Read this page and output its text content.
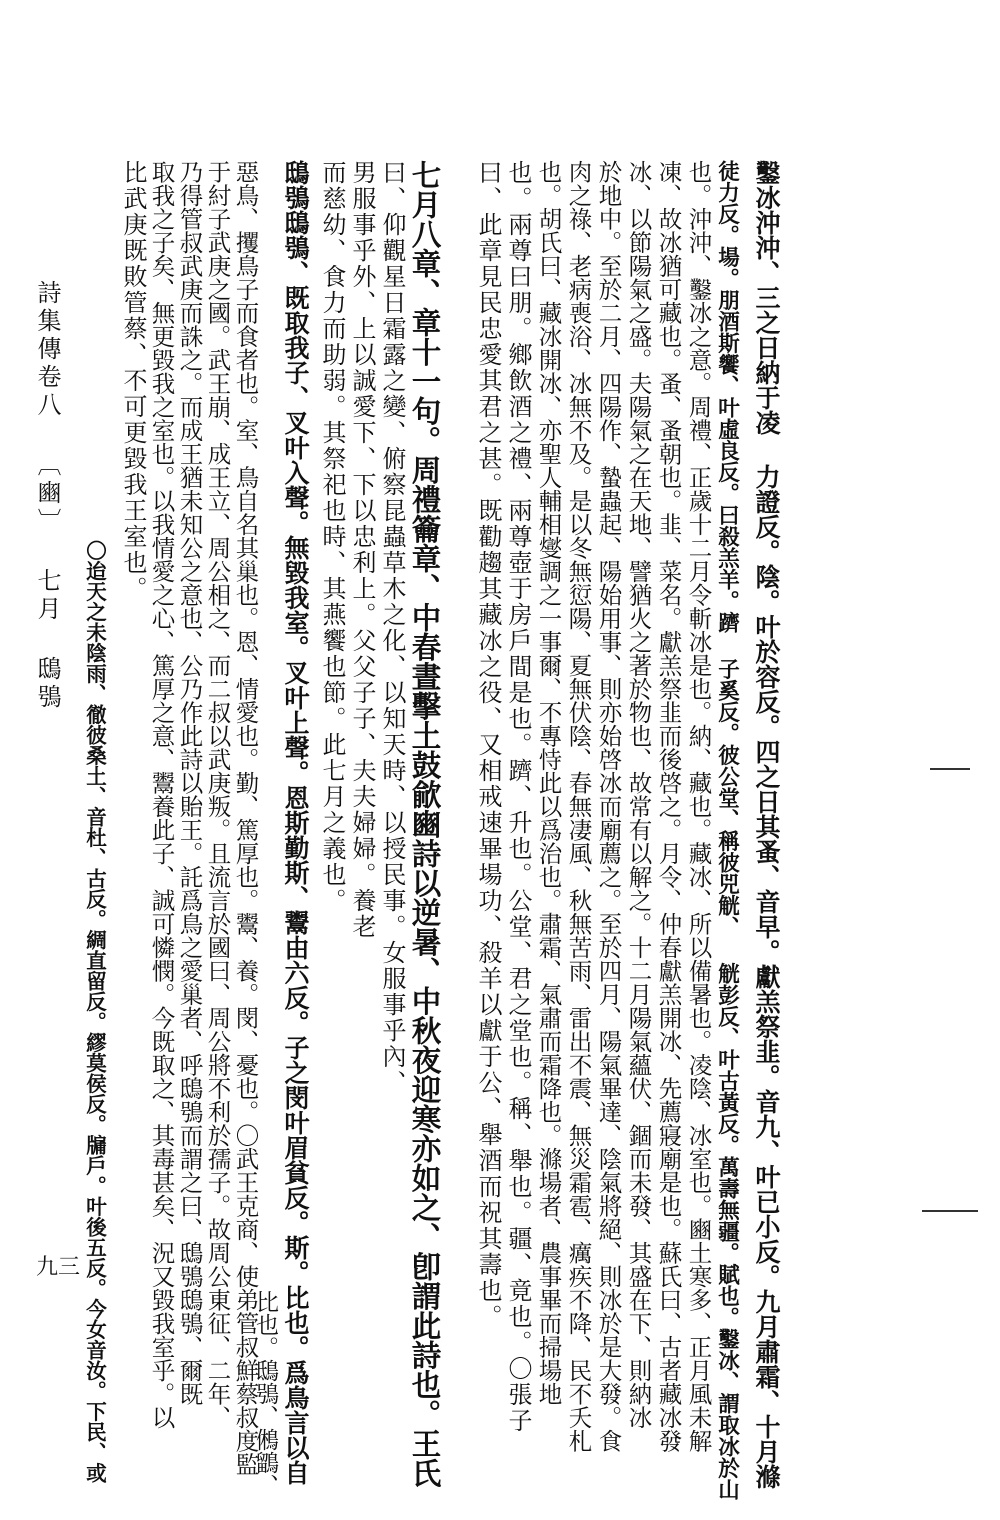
鑿冰沖沖、三之日納于凌 力證反。陰。叶於容反。四之日其蚤、音早。獻羔祭韭。音九、叶已小反。九月肅霜、十月滌
徒力反。場。朋酒斯饗、叶虛良反。曰殺羔羊。躋 子奚反。彼公堂、稱彼兕觥、 觥彭反、叶古黃反。萬壽無疆。賦也。鑿冰、謂取冰於山
也。沖沖、鑿冰之意。周禮、正歲十二月令斬冰是也。納、藏也。藏冰、所以備暑也。凌陰、冰室也。豳土寒多、正月風未解
凍、故冰猶可藏也。蚤、蚤朝也。韭、菜名。獻羔祭韭而後啓之。月令、仲春獻羔開冰、先薦寢廟是也。蘇氏曰、古者藏冰發
冰、以節陽氣之盛。夫陽氣之在天地、譬猶火之著於物也、故常有以解之。十二月陽氣蘊伏、錮而未發、其盛在下、則納冰
於地中。至於二月、四陽作、蟄蟲起、陽始用事、則亦始啓冰而廟薦之。至於四月、陽氣畢達、陰氣將絕、則冰於是大發。食
肉之祿、老病喪浴、冰無不及。是以冬無愆陽、夏無伏陰、春無凄風、秋無苦雨、雷出不震、無災霜雹、癘疾不降、民不夭札
也。胡氏曰、藏冰開冰、亦聖人輔相燮調之一事爾、不專恃此以爲治也。肅霜、氣肅而霜降也。滌場者、農事畢而掃場地
也。兩尊曰朋。鄉飲酒之禮、兩尊壺于房戶間是也。躋、升也。公堂、君之堂也。稱、舉也。疆、竟也。〇張子
曰、此章見民忠愛其君之甚。既勸趨其藏冰之役、又相戒速畢場功、殺羊以獻于公、舉酒而祝其壽也。
七月八章、章十一句。周禮籥章、中春晝擊土鼓歈豳詩以逆暑、中秋夜迎寒亦如之、卽謂此詩也。王氏
曰、仰觀星日霜露之變、俯察昆蟲草木之化、以知天時、以授民事。女服事乎內、
男服事乎外、上以誠愛下、下以忠利上。父父子子、夫夫婦婦。養老
而慈幼、食力而助弱。其祭祀也時、其燕饗也節。此七月之義也。
鴟鴞鴟鴞、既取我子、叉叶入聲。無毀我室。叉叶上聲。恩斯勤斯、鬻由六反。子之閔叶眉貧反。斯。比也。爲鳥言以自
比也。鴟鴞、鵂鶹、
惡鳥、攫鳥子而食者也。室、鳥自名其巢也。恩、情愛也。勤、篤厚也。鬻、養。閔、憂也。〇武王克商、使弟管叔鮮蔡叔度監
于紂子武庚之國。武王崩、成王立、周公相之、而二叔以武庚叛。且流言於國曰、周公將不利於孺子。故周公東征、二年、
乃得管叔武庚而誅之。而成王猶未知公之意也、公乃作此詩以貽王。託爲鳥之愛巢者、呼鴟鴞而謂之曰、鴟鴞鴟鴞、爾既
取我之子矣、無更毀我之室也。以我情愛之心、篤厚之意、鬻養此子、誠可憐憫。今既取之、其毒甚矣、況又毀我室乎。以
比武庚既敗管蔡、不可更毀我王室也。
〇迨天之未陰雨、徹彼桑土、音杜、古反。綢直留反。繆莫侯反。牖戶。叶後五反。今女音汝。下民、或
詩集傳卷八 〔豳〕 七月 鴟鴞
九三
